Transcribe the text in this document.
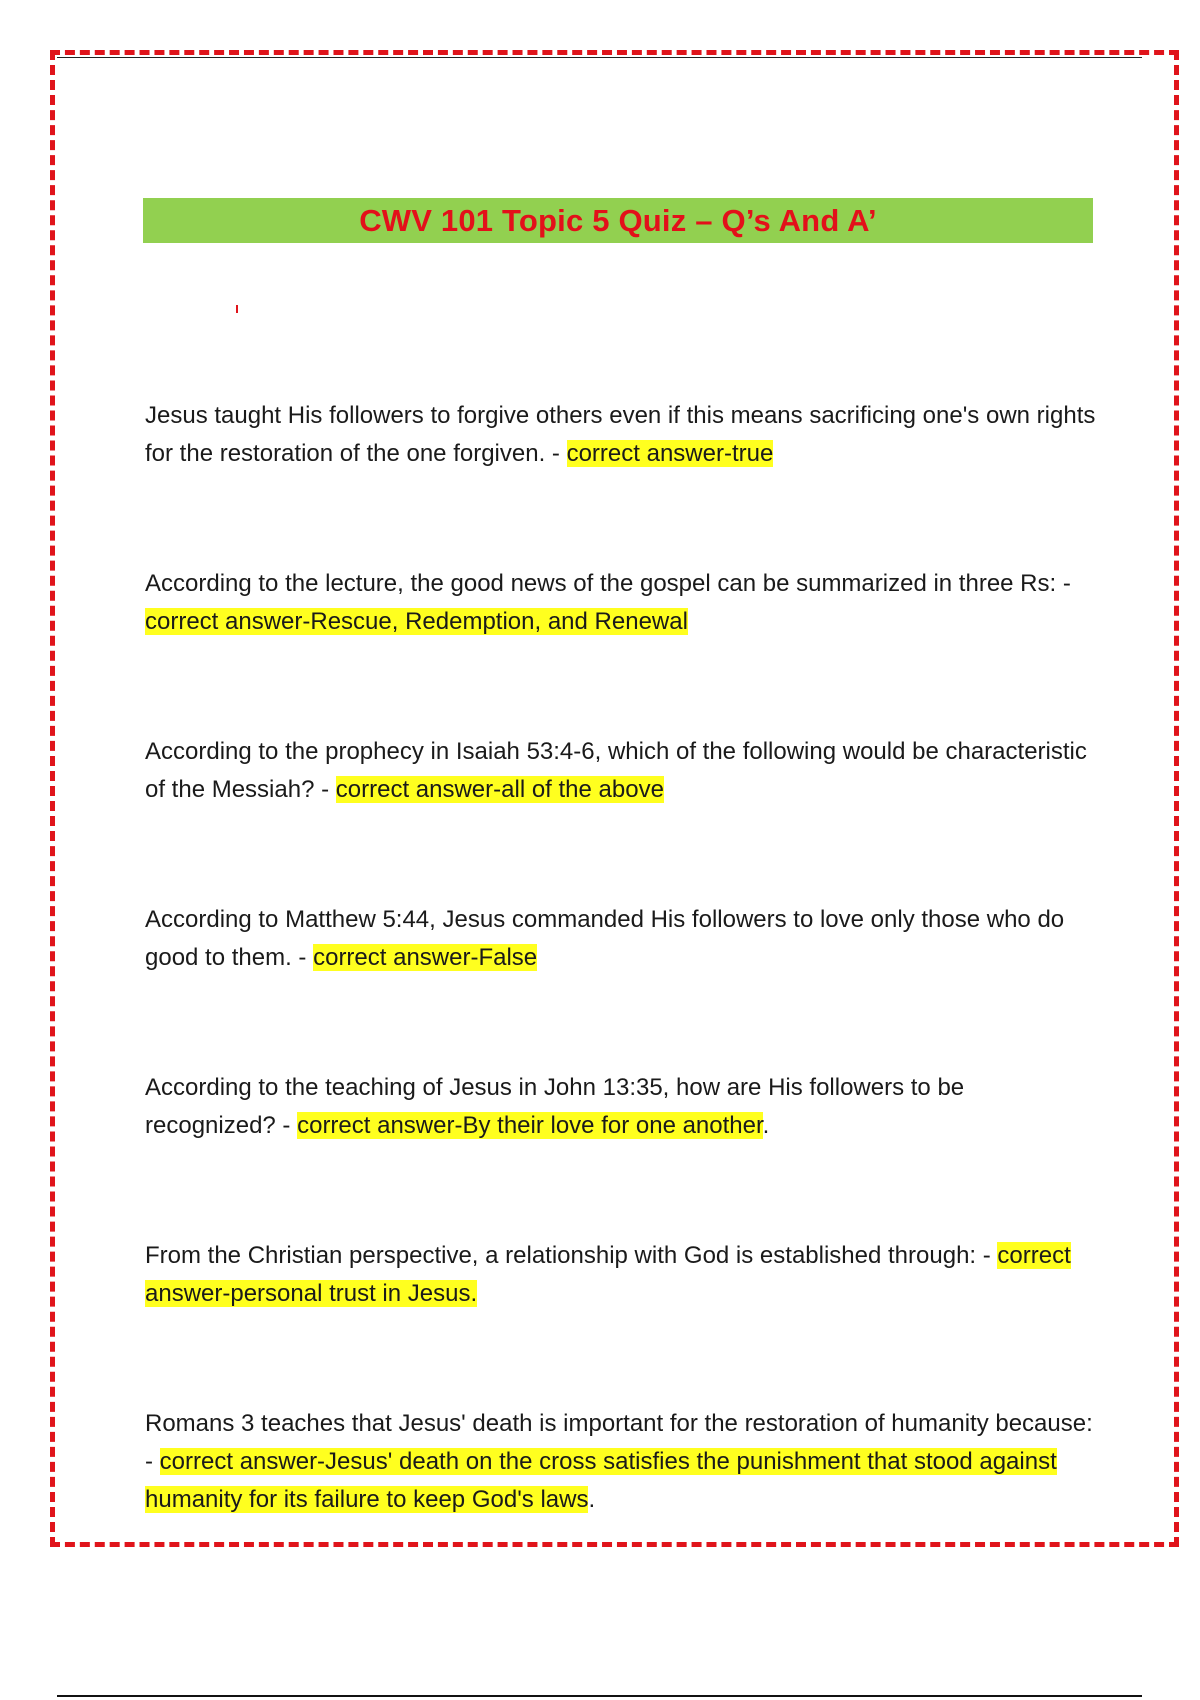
CWV 101 Topic 5 Quiz – Q’s And A’

Jesus taught His followers to forgive others even if this means sacrificing one's own rights for the restoration of the one forgiven. - correct answer-true

According to the lecture, the good news of the gospel can be summarized in three Rs: - correct answer-Rescue, Redemption, and Renewal

According to the prophecy in Isaiah 53:4-6, which of the following would be characteristic of the Messiah? - correct answer-all of the above

According to Matthew 5:44, Jesus commanded His followers to love only those who do good to them. - correct answer-False

According to the teaching of Jesus in John 13:35, how are His followers to be recognized? - correct answer-By their love for one another.

From the Christian perspective, a relationship with God is established through: - correct answer-personal trust in Jesus.

Romans 3 teaches that Jesus' death is important for the restoration of humanity because: - correct answer-Jesus' death on the cross satisfies the punishment that stood against humanity for its failure to keep God's laws.
